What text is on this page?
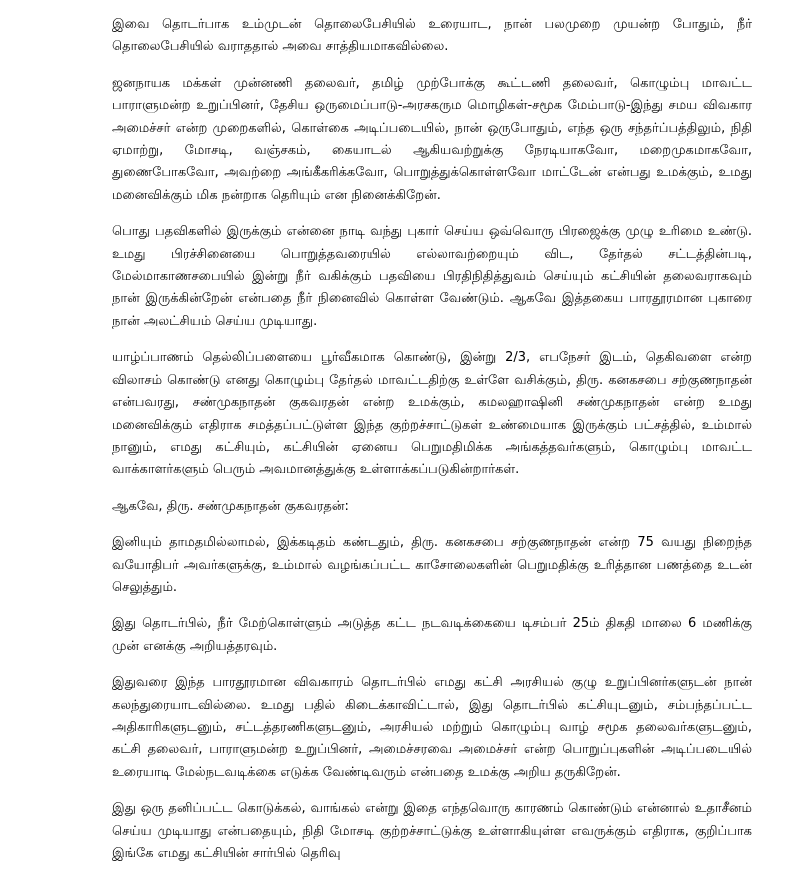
இவை தொடர்பாக உம்முடன் தொலைபேசியில் உரையாட, நான் பலமுறை முயன்ற போதும், நீர் தொலைபேசியில் வராததால் அவை சாத்தியமாகவில்லை.

ஜனநாயக மக்கள் முன்னணி தலைவர், தமிழ் முற்போக்கு கூட்டணி தலைவர், கொழும்பு மாவட்ட பாராளுமன்ற உறுப்பினர், தேசிய ஒருமைப்பாடு-அரசகரும மொழிகள்-சமூக மேம்பாடு-இந்து சமய விவகார அமைச்சர் என்ற முறைகளில், கொள்கை அடிப்படையில், நான் ஒருபோதும், எந்த ஒரு சந்தர்ப்பத்திலும், நிதி ஏமாற்று, மோசடி, வஞ்சகம், கையாடல் ஆகியவற்றுக்கு நேரடியாகவோ, மறைமுகமாகவோ, துணைபோகவோ, அவற்றை அங்கீகரிக்கவோ, பொறுத்துக்கொள்ளவோ மாட்டேன் என்பது உமக்கும், உமது மனைவிக்கும் மிக நன்றாக தெரியும் என நினைக்கிறேன்.

பொது பதவிகளில் இருக்கும் என்னை நாடி வந்து புகார் செய்ய ஒவ்வொரு பிரஜைக்கு முழு உரிமை உண்டு. உமது பிரச்சினையை பொறுத்தவரையில் எல்லாவற்றையும் விட, தேர்தல் சட்டத்தின்படி, மேல்மாகாணசபையில் இன்று நீர் வகிக்கும் பதவியை பிரதிநிதித்துவம் செய்யும் கட்சியின் தலைவராகவும் நான் இருக்கின்றேன் என்பதை நீர் நினைவில் கொள்ள வேண்டும். ஆகவே இத்தகைய பாரதூரமான புகாரை நான் அலட்சியம் செய்ய முடியாது.

யாழ்ப்பாணம் தெல்லிப்பளையை பூர்வீகமாக கொண்டு, இன்று 2/3, எபநேசர் இடம், தெகிவளை என்ற விலாசம் கொண்டு எனது கொழும்பு தேர்தல் மாவட்டதிற்கு உள்ளே வசிக்கும், திரு. கனகசபை சற்குணநாதன் என்பவரது, சண்முகநாதன் குகவரதன் என்ற உமக்கும், கமலஹாஷினி சண்முகநாதன் என்ற உமது மனைவிக்கும் எதிராக சமத்தப்பட்டுள்ள இந்த குற்றச்சாட்டுகள் உண்மையாக இருக்கும் பட்சத்தில், உம்மால் நானும், எமது கட்சியும், கட்சியின் ஏனைய பெறுமதிமிக்க அங்கத்தவர்களும், கொழும்பு மாவட்ட வாக்காளர்களும் பெரும் அவமானத்துக்கு உள்ளாக்கப்படுகின்றார்கள்.

ஆகவே, திரு. சண்முகநாதன் குகவரதன்:

இனியும் தாமதமில்லாமல், இக்கடிதம் கண்டதும், திரு. கனகசபை சற்குணநாதன் என்ற 75 வயது நிறைந்த வயோதிபர் அவர்களுக்கு, உம்மால் வழங்கப்பட்ட காசோலைகளின் பெறுமதிக்கு உரித்தான பணத்தை உடன் செலுத்தும்.

இது தொடர்பில், நீர் மேற்கொள்ளும் அடுத்த கட்ட நடவடிக்கையை டிசம்பர் 25ம் திகதி மாலை 6 மணிக்கு முன் எனக்கு அறியத்தரவும்.

இதுவரை இந்த பாரதூரமான விவகாரம் தொடர்பில் எமது கட்சி அரசியல் குழு உறுப்பினர்களுடன் நான் கலந்துரையாடவில்லை. உமது பதில் கிடைக்காவிட்டால், இது தொடர்பில் கட்சியுடனும், சம்பந்தப்பட்ட அதிகாரிகளுடனும், சட்டத்தரணிகளுடனும், அரசியல் மற்றும் கொழும்பு வாழ் சமூக தலைவர்களுடனும், கட்சி தலைவர், பாராளுமன்ற உறுப்பினர், அமைச்சரவை அமைச்சர் என்ற பொறுப்புகளின் அடிப்படையில் உரையாடி மேல்நடவடிக்கை எடுக்க வேண்டிவரும் என்பதை உமக்கு அறிய தருகிறேன்.

இது ஒரு தனிப்பட்ட கொடுக்கல், வாங்கல் என்று இதை எந்தவொரு காரணம் கொண்டும் என்னால் உதாசீனம் செய்ய முடியாது என்பதையும், நிதி மோசடி குற்றச்சாட்டுக்கு உள்ளாகியுள்ள எவருக்கும் எதிராக, குறிப்பாக இங்கே எமது கட்சியின் சார்பில் தெரிவு
